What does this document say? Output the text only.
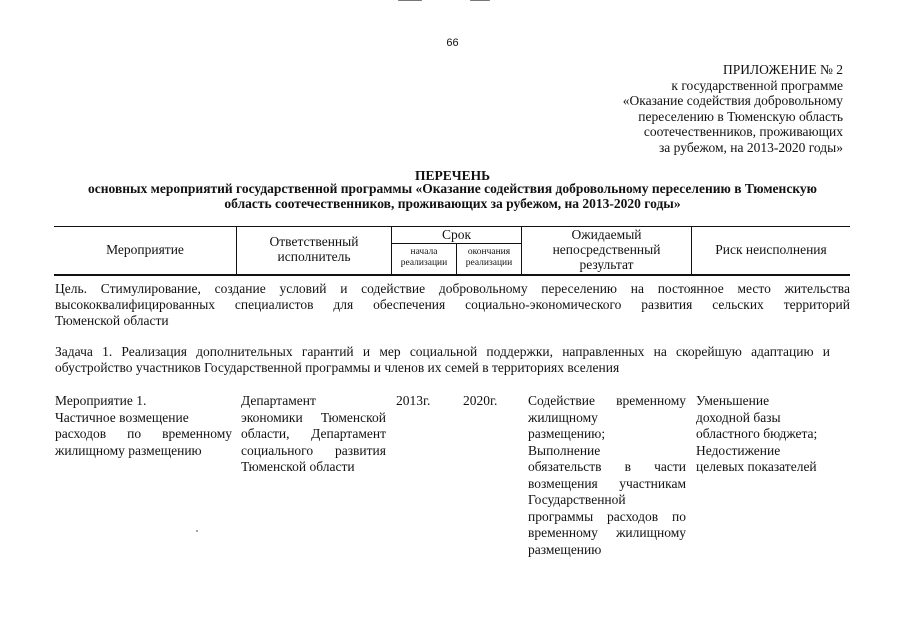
66
ПРИЛОЖЕНИЕ № 2
к государственной программе
«Оказание содействия добровольному
переселению в Тюменскую область
соотечественников, проживающих
за рубежом, на 2013-2020 годы»
ПЕРЕЧЕНЬ
основных мероприятий государственной программы «Оказание содействия добровольному переселению в Тюменскую
область соотечественников, проживающих за рубежом, на 2013-2020 годы»
Мероприятие
Ответственный
исполнитель
Срок
начала
реализации
окончания
реализации
Ожидаемый
непосредственный
результат
Риск неисполнения
Цель. Стимулирование, создание условий и содействие добровольному переселению на постоянное место жительства
высококвалифицированных специалистов для обеспечения социально-экономического развития сельских территорий
Тюменской области
Задача 1. Реализация дополнительных гарантий и мер социальной поддержки, направленных на скорейшую адаптацию и
обустройство участников Государственной программы и членов их семей в территориях вселения
Мероприятие 1.
Частичное возмещение
расходов по временному
жилищному размещению
Департамент
экономики Тюменской
области, Департамент
социального развития
Тюменской области
2013г. 2020г. Содействие временному
жилищному
размещению;
Выполнение
обязательств в части
возмещения участникам
Государственной
программы расходов по
временному жилищному
размещению
Уменьшение
доходной базы
областного бюджета;
Недостижение
целевых показателей
